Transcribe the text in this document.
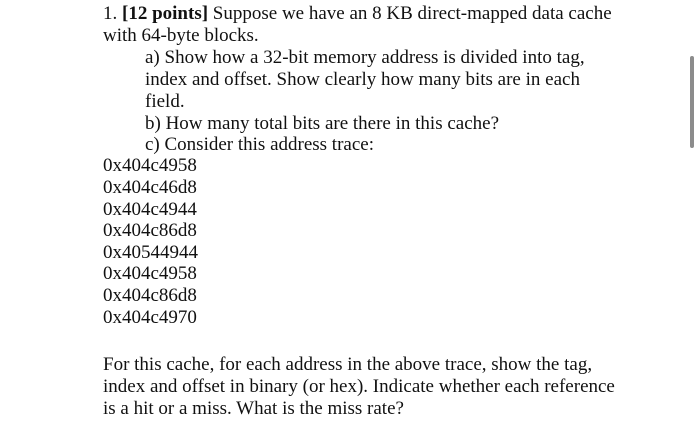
1. [12 points] Suppose we have an 8 KB direct-mapped data cache
with 64-byte blocks.
a) Show how a 32-bit memory address is divided into tag,
index and offset. Show clearly how many bits are in each
field.
b) How many total bits are there in this cache?
c) Consider this address trace:
0x404c4958
0x404c46d8
0x404c4944
0x404c86d8
0x40544944
0x404c4958
0x404c86d8
0x404c4970
For this cache, for each address in the above trace, show the tag,
index and offset in binary (or hex). Indicate whether each reference
is a hit or a miss. What is the miss rate?
